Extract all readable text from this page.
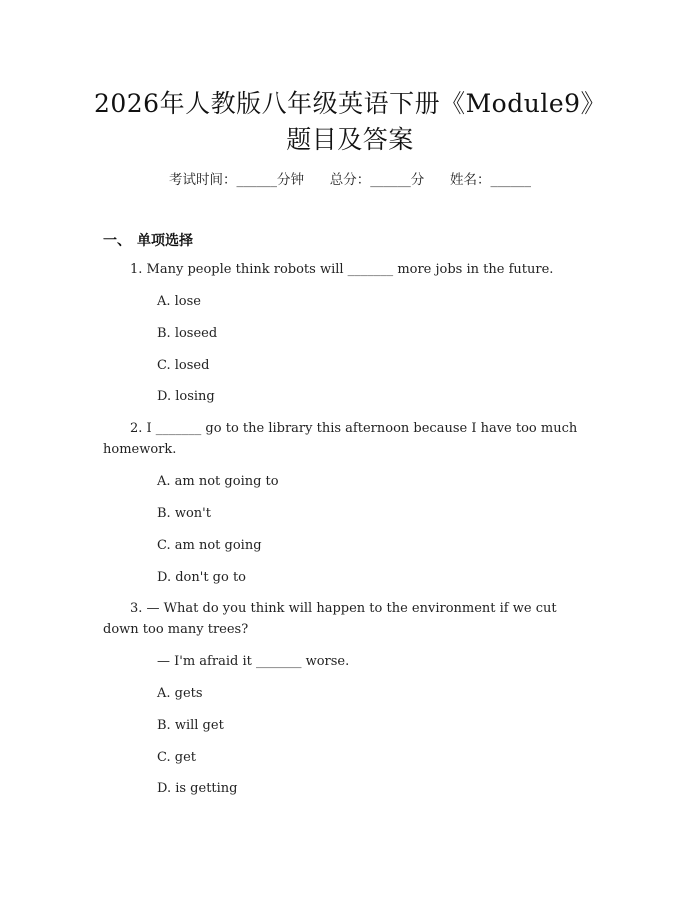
2026年人教版八年级英语下册《Module9》
题目及答案
考试时间：______分钟      总分：______分      姓名：______
一、 单项选择
1. Many people think robots will _______ more jobs in the future.
A. lose
B. loseed
C. losed
D. losing
2. I _______ go to the library this afternoon because I have too much homework.
A. am not going to
B. won't
C. am not going
D. don't go to
3. — What do you think will happen to the environment if we cut down too many trees?
— I'm afraid it _______ worse.
A. gets
B. will get
C. get
D. is getting
